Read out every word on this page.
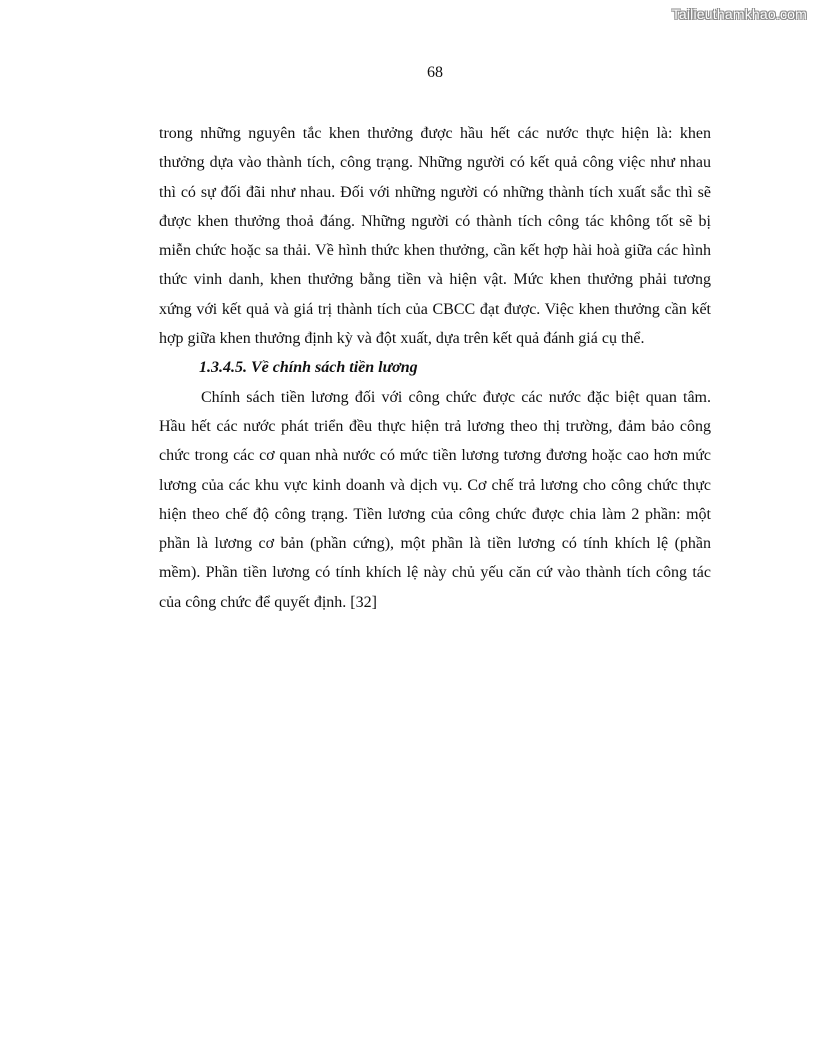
Tailieuthamkhao.com
68

trong những nguyên tắc khen thưởng được hầu hết các nước thực hiện là: khen thưởng dựa vào thành tích, công trạng. Những người có kết quả công việc như nhau thì có sự đối đãi như nhau. Đối với những người có những thành tích xuất sắc thì sẽ được khen thưởng thoả đáng. Những người có thành tích công tác không tốt sẽ bị miễn chức hoặc sa thải. Về hình thức khen thưởng, cần kết hợp hài hoà giữa các hình thức vinh danh, khen thưởng bằng tiền và hiện vật. Mức khen thưởng phải tương xứng với kết quả và giá trị thành tích của CBCC đạt được. Việc khen thưởng cần kết hợp giữa khen thưởng định kỳ và đột xuất, dựa trên kết quả đánh giá cụ thể.

1.3.4.5. Về chính sách tiền lương

Chính sách tiền lương đối với công chức được các nước đặc biệt quan tâm. Hầu hết các nước phát triển đều thực hiện trả lương theo thị trường, đảm bảo công chức trong các cơ quan nhà nước có mức tiền lương tương đương hoặc cao hơn mức lương của các khu vực kinh doanh và dịch vụ. Cơ chế trả lương cho công chức thực hiện theo chế độ công trạng. Tiền lương của công chức được chia làm 2 phần: một phần là lương cơ bản (phần cứng), một phần là tiền lương có tính khích lệ (phần mềm). Phần tiền lương có tính khích lệ này chủ yếu căn cứ vào thành tích công tác của công chức để quyết định. [32]
